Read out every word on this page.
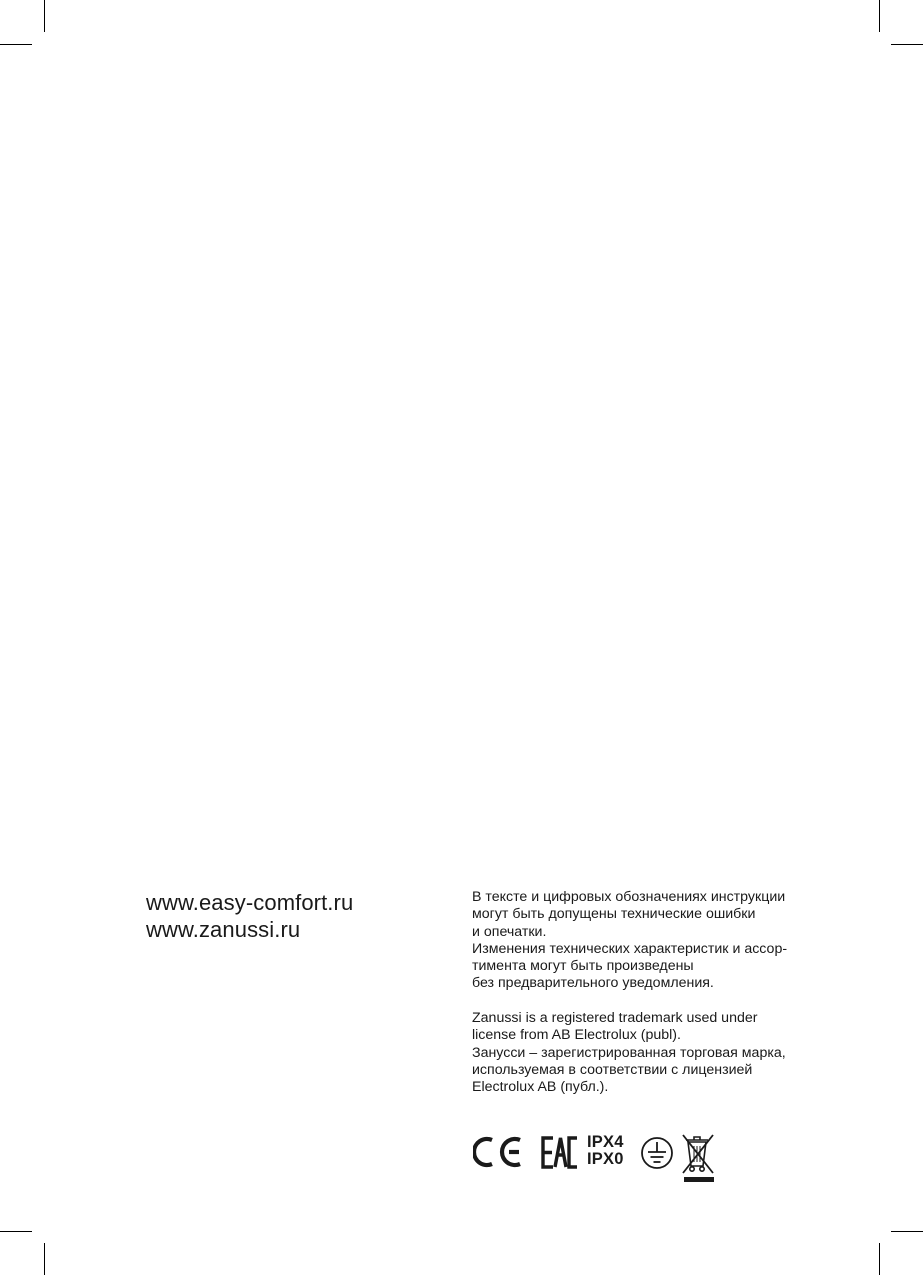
www.easy-comfort.ru
www.zanussi.ru
В тексте и цифровых обозначениях инструкции
могут быть допущены технические ошибки
и опечатки.
Изменения технических характеристик и ассор-
тимента могут быть произведены
без предварительного уведомления.
Zanussi is a registered trademark used under
license from AB Electrolux (publ).
Занусси – зарегистрированная торговая марка,
используемая в соответствии с лицензией
Electrolux AB (публ.).
IPX4
IPX0
